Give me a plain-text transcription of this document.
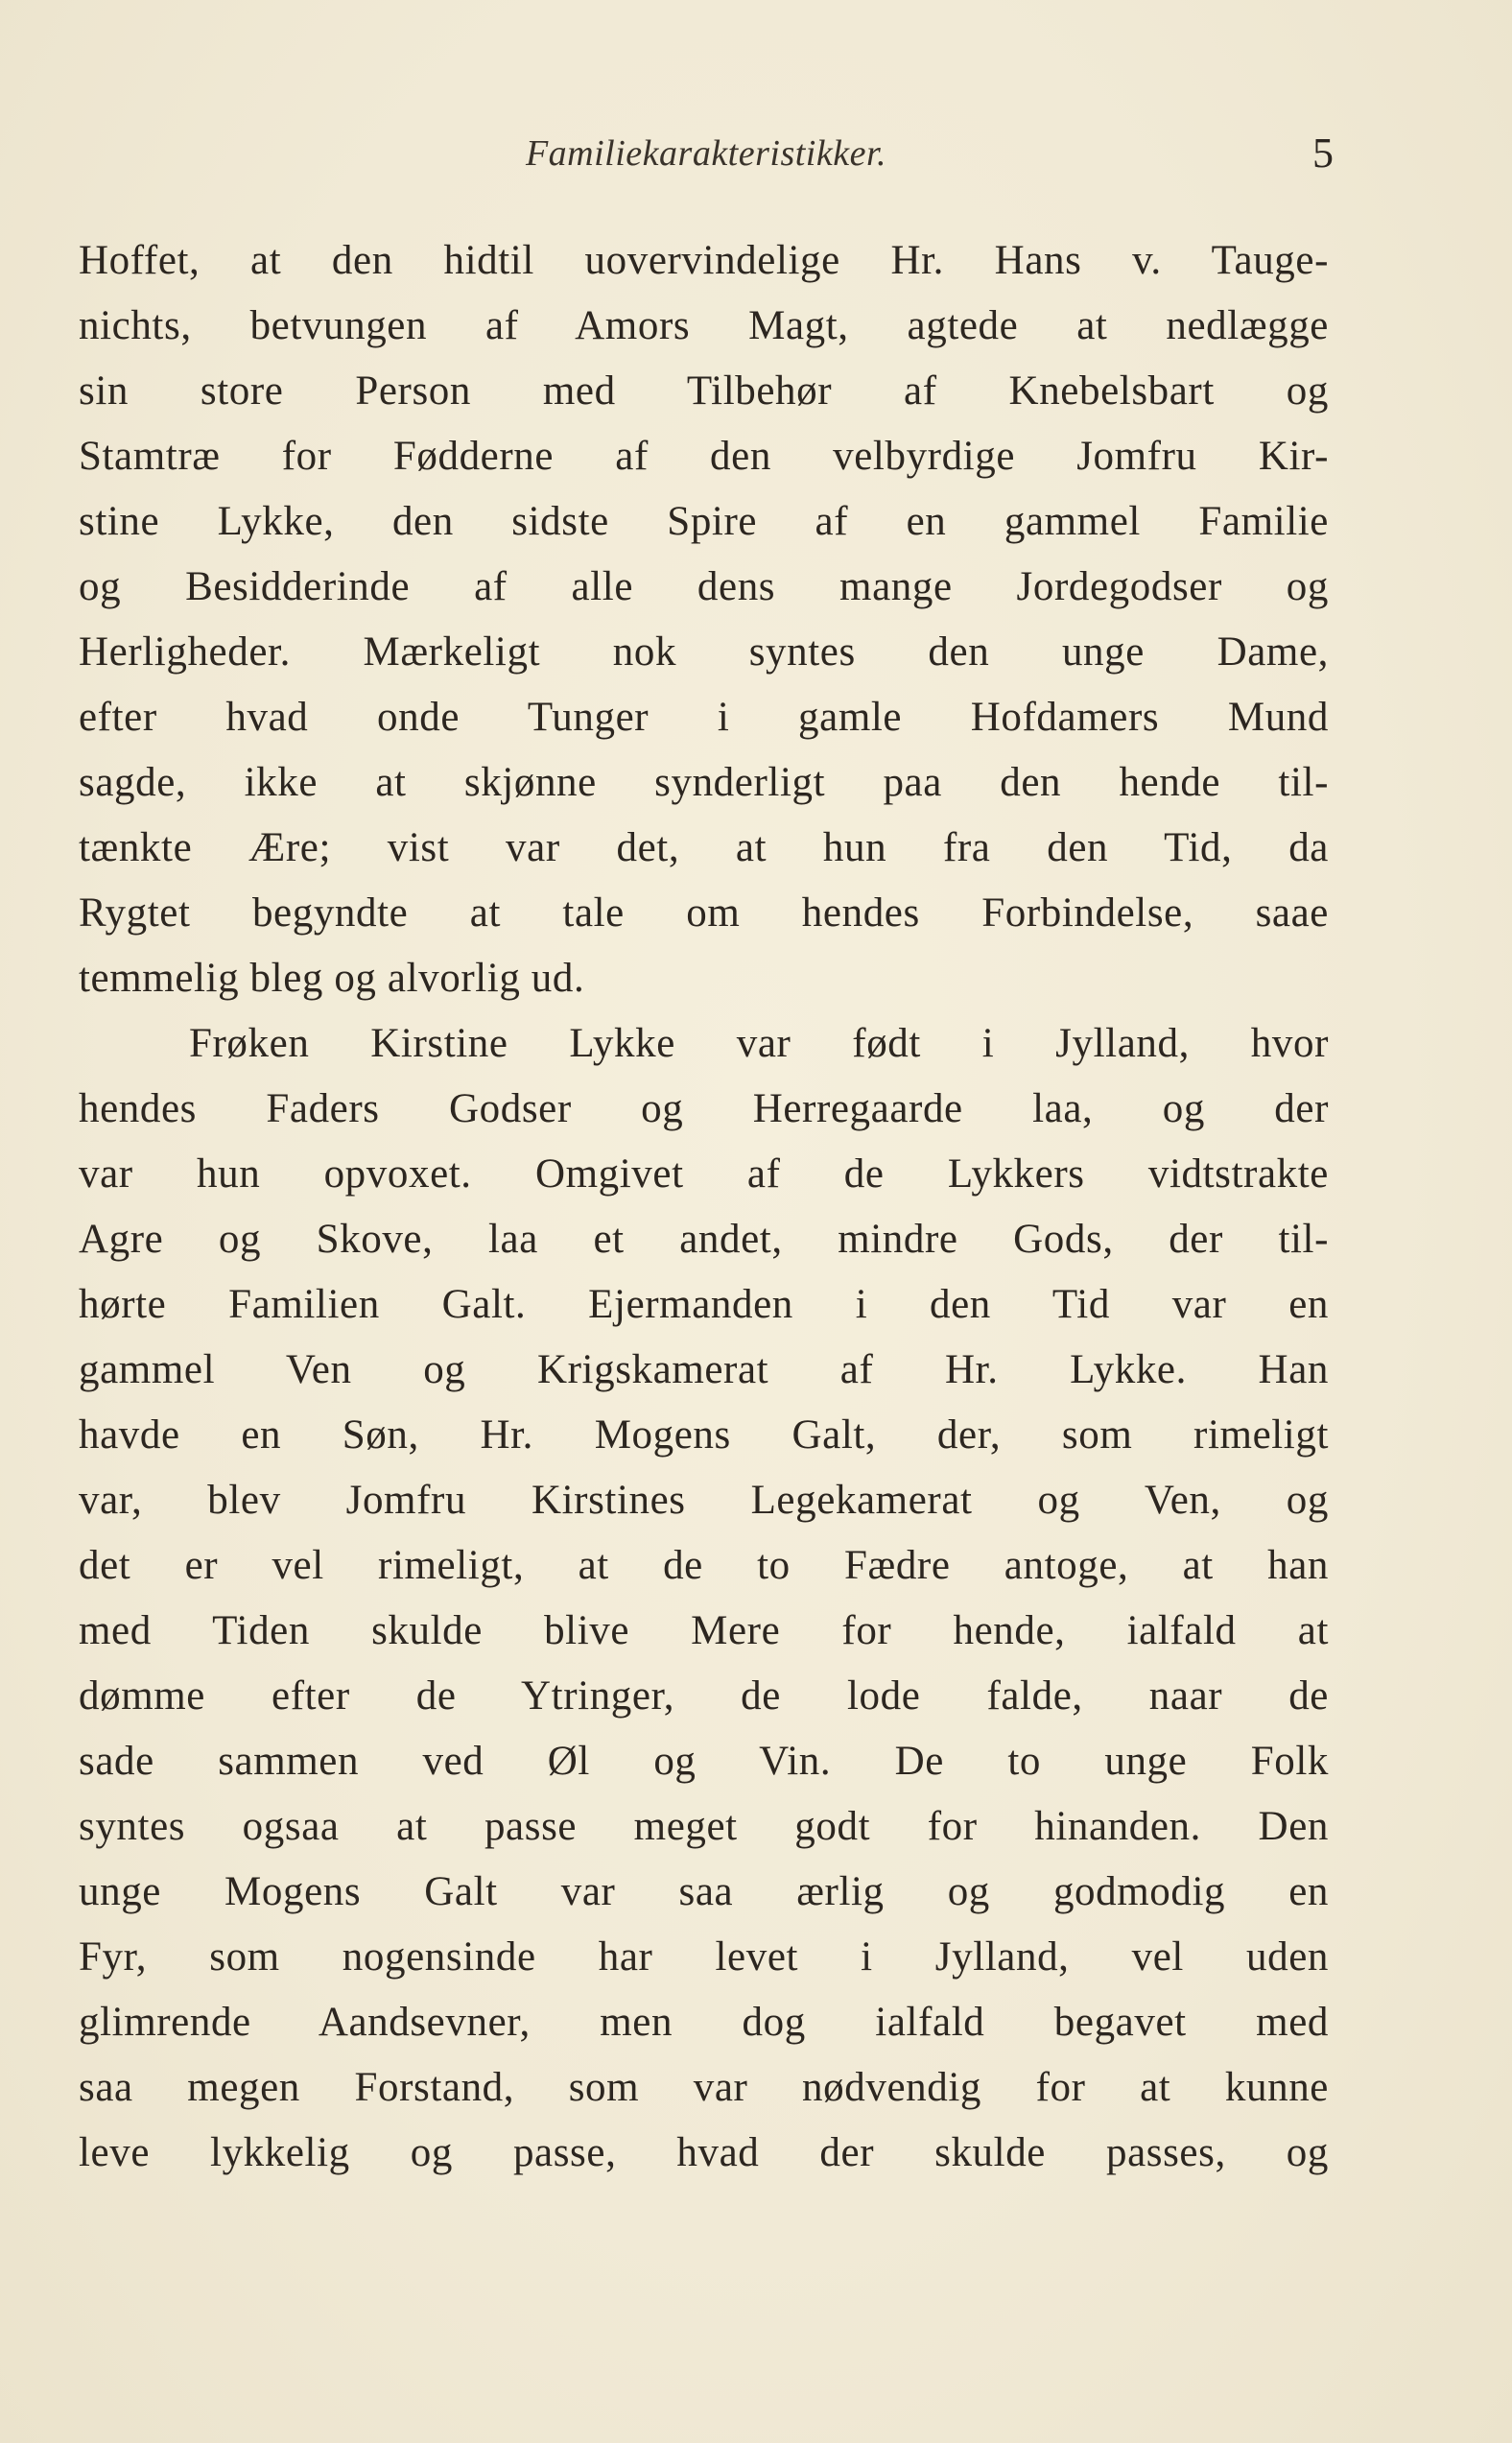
Familiekarakteristikker.	5
Hoffet, at den hidtil uovervindelige Hr. Hans v. Tauge-
nichts, betvungen af Amors Magt, agtede at nedlægge
sin store Person med Tilbehør af Knebelsbart og
Stamtræ for Fødderne af den velbyrdige Jomfru Kir-
stine Lykke, den sidste Spire af en gammel Familie
og Besidderinde af alle dens mange Jordegodser og
Herligheder. Mærkeligt nok syntes den unge Dame,
efter hvad onde Tunger i gamle Hofdamers Mund
sagde, ikke at skjønne synderligt paa den hende til-
tænkte Ære; vist var det, at hun fra den Tid, da
Rygtet begyndte at tale om hendes Forbindelse, saae
temmelig bleg og alvorlig ud.
Frøken Kirstine Lykke var født i Jylland, hvor
hendes Faders Godser og Herregaarde laa, og der
var hun opvoxet. Omgivet af de Lykkers vidtstrakte
Agre og Skove, laa et andet, mindre Gods, der til-
hørte Familien Galt. Ejermanden i den Tid var en
gammel Ven og Krigskamerat af Hr. Lykke. Han
havde en Søn, Hr. Mogens Galt, der, som rimeligt
var, blev Jomfru Kirstines Legekamerat og Ven, og
det er vel rimeligt, at de to Fædre antoge, at han
med Tiden skulde blive Mere for hende, ialfald at
dømme efter de Ytringer, de lode falde, naar de
sade sammen ved Øl og Vin. De to unge Folk
syntes ogsaa at passe meget godt for hinanden. Den
unge Mogens Galt var saa ærlig og godmodig en
Fyr, som nogensinde har levet i Jylland, vel uden
glimrende Aandsevner, men dog ialfald begavet med
saa megen Forstand, som var nødvendig for at kunne
leve lykkelig og passe, hvad der skulde passes, og
